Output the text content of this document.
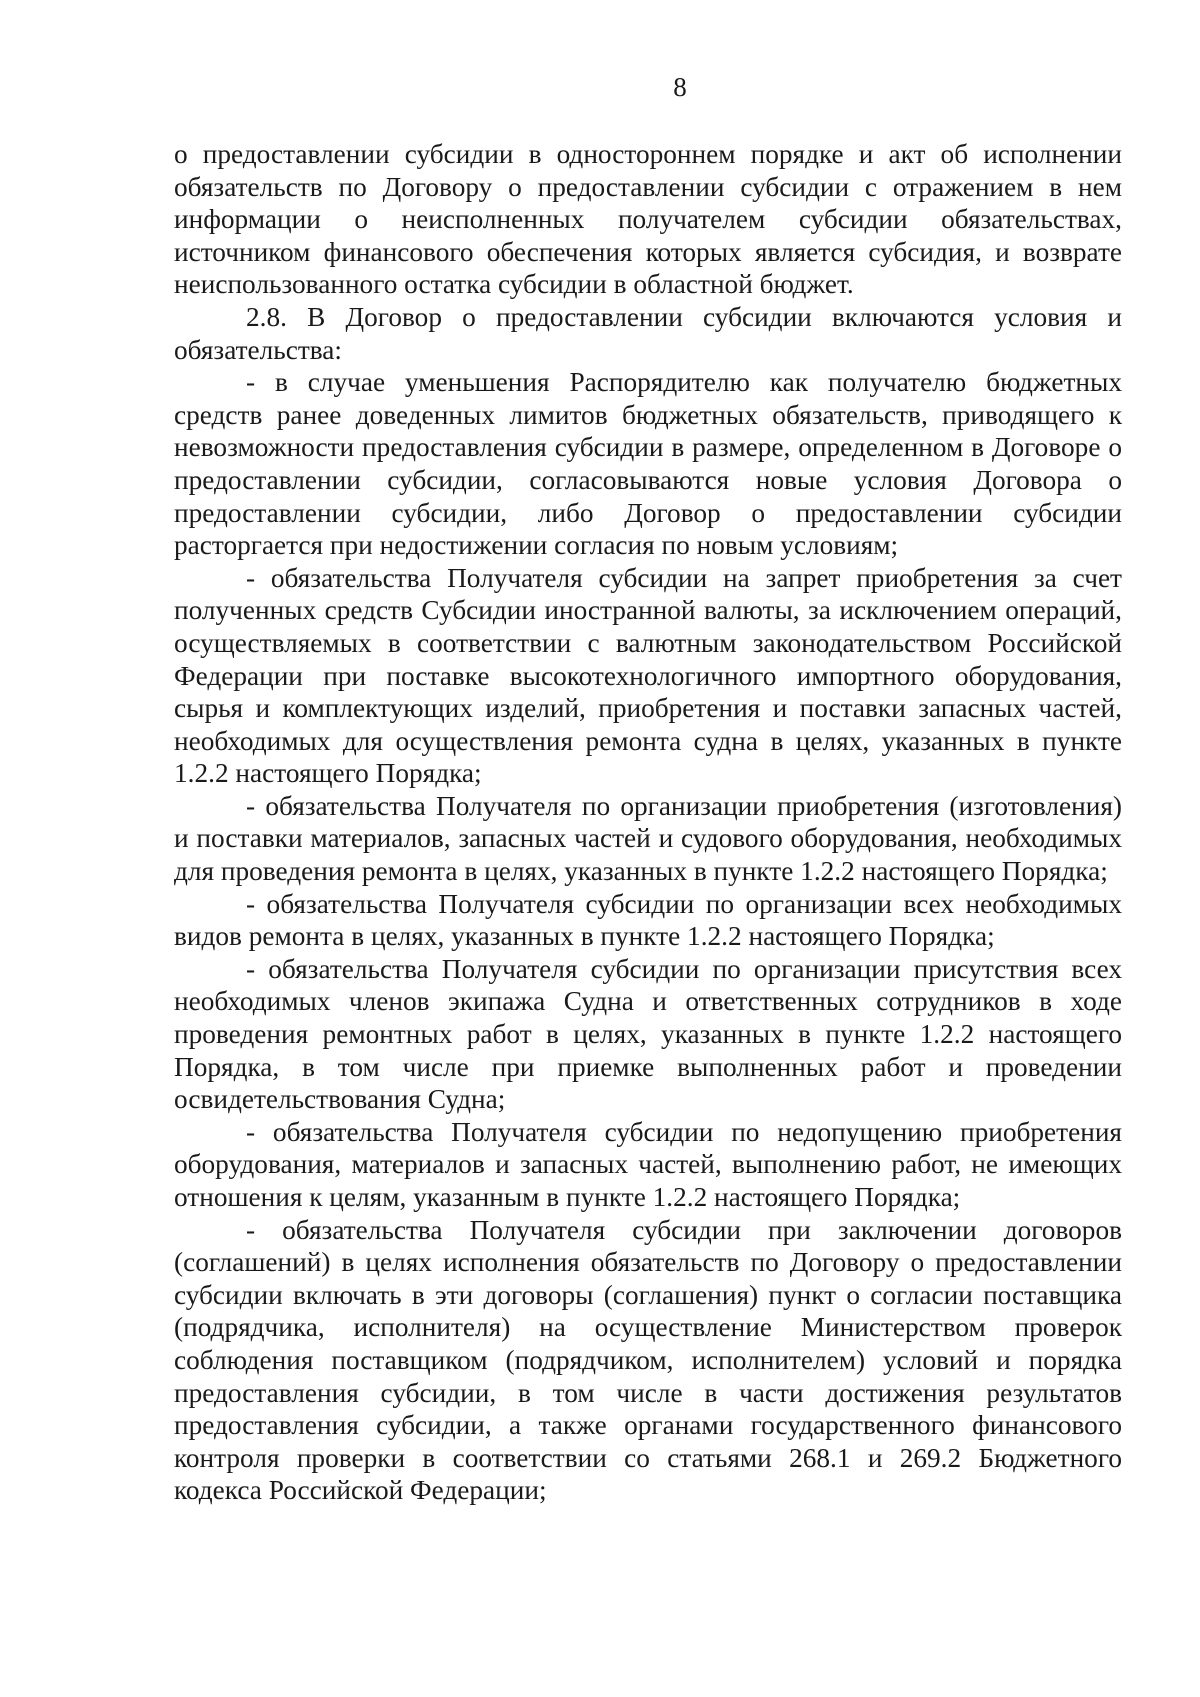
8

о предоставлении субсидии в одностороннем порядке и акт об исполнении обязательств по Договору о предоставлении субсидии с отражением в нем информации о неисполненных получателем субсидии обязательствах, источником финансового обеспечения которых является субсидия, и возврате неиспользованного остатка субсидии в областной бюджет.

2.8. В Договор о предоставлении субсидии включаются условия и обязательства:

- в случае уменьшения Распорядителю как получателю бюджетных средств ранее доведенных лимитов бюджетных обязательств, приводящего к невозможности предоставления субсидии в размере, определенном в Договоре о предоставлении субсидии, согласовываются новые условия Договора о предоставлении субсидии, либо Договор о предоставлении субсидии расторгается при недостижении согласия по новым условиям;

- обязательства Получателя субсидии на запрет приобретения за счет полученных средств Субсидии иностранной валюты, за исключением операций, осуществляемых в соответствии с валютным законодательством Российской Федерации при поставке высокотехнологичного импортного оборудования, сырья и комплектующих изделий, приобретения и поставки запасных частей, необходимых для осуществления ремонта судна в целях, указанных в пункте 1.2.2 настоящего Порядка;

- обязательства Получателя по организации приобретения (изготовления) и поставки материалов, запасных частей и судового оборудования, необходимых для проведения ремонта в целях, указанных в пункте 1.2.2 настоящего Порядка;

- обязательства Получателя субсидии по организации всех необходимых видов ремонта в целях, указанных в пункте 1.2.2 настоящего Порядка;

- обязательства Получателя субсидии по организации присутствия всех необходимых членов экипажа Судна и ответственных сотрудников в ходе проведения ремонтных работ в целях, указанных в пункте 1.2.2 настоящего Порядка, в том числе при приемке выполненных работ и проведении освидетельствования Судна;

- обязательства Получателя субсидии по недопущению приобретения оборудования, материалов и запасных частей, выполнению работ, не имеющих отношения к целям, указанным в пункте 1.2.2 настоящего Порядка;

- обязательства Получателя субсидии при заключении договоров (соглашений) в целях исполнения обязательств по Договору о предоставлении субсидии включать в эти договоры (соглашения) пункт о согласии поставщика (подрядчика, исполнителя) на осуществление Министерством проверок соблюдения поставщиком (подрядчиком, исполнителем) условий и порядка предоставления субсидии, в том числе в части достижения результатов предоставления субсидии, а также органами государственного финансового контроля проверки в соответствии со статьями 268.1 и 269.2 Бюджетного кодекса Российской Федерации;
